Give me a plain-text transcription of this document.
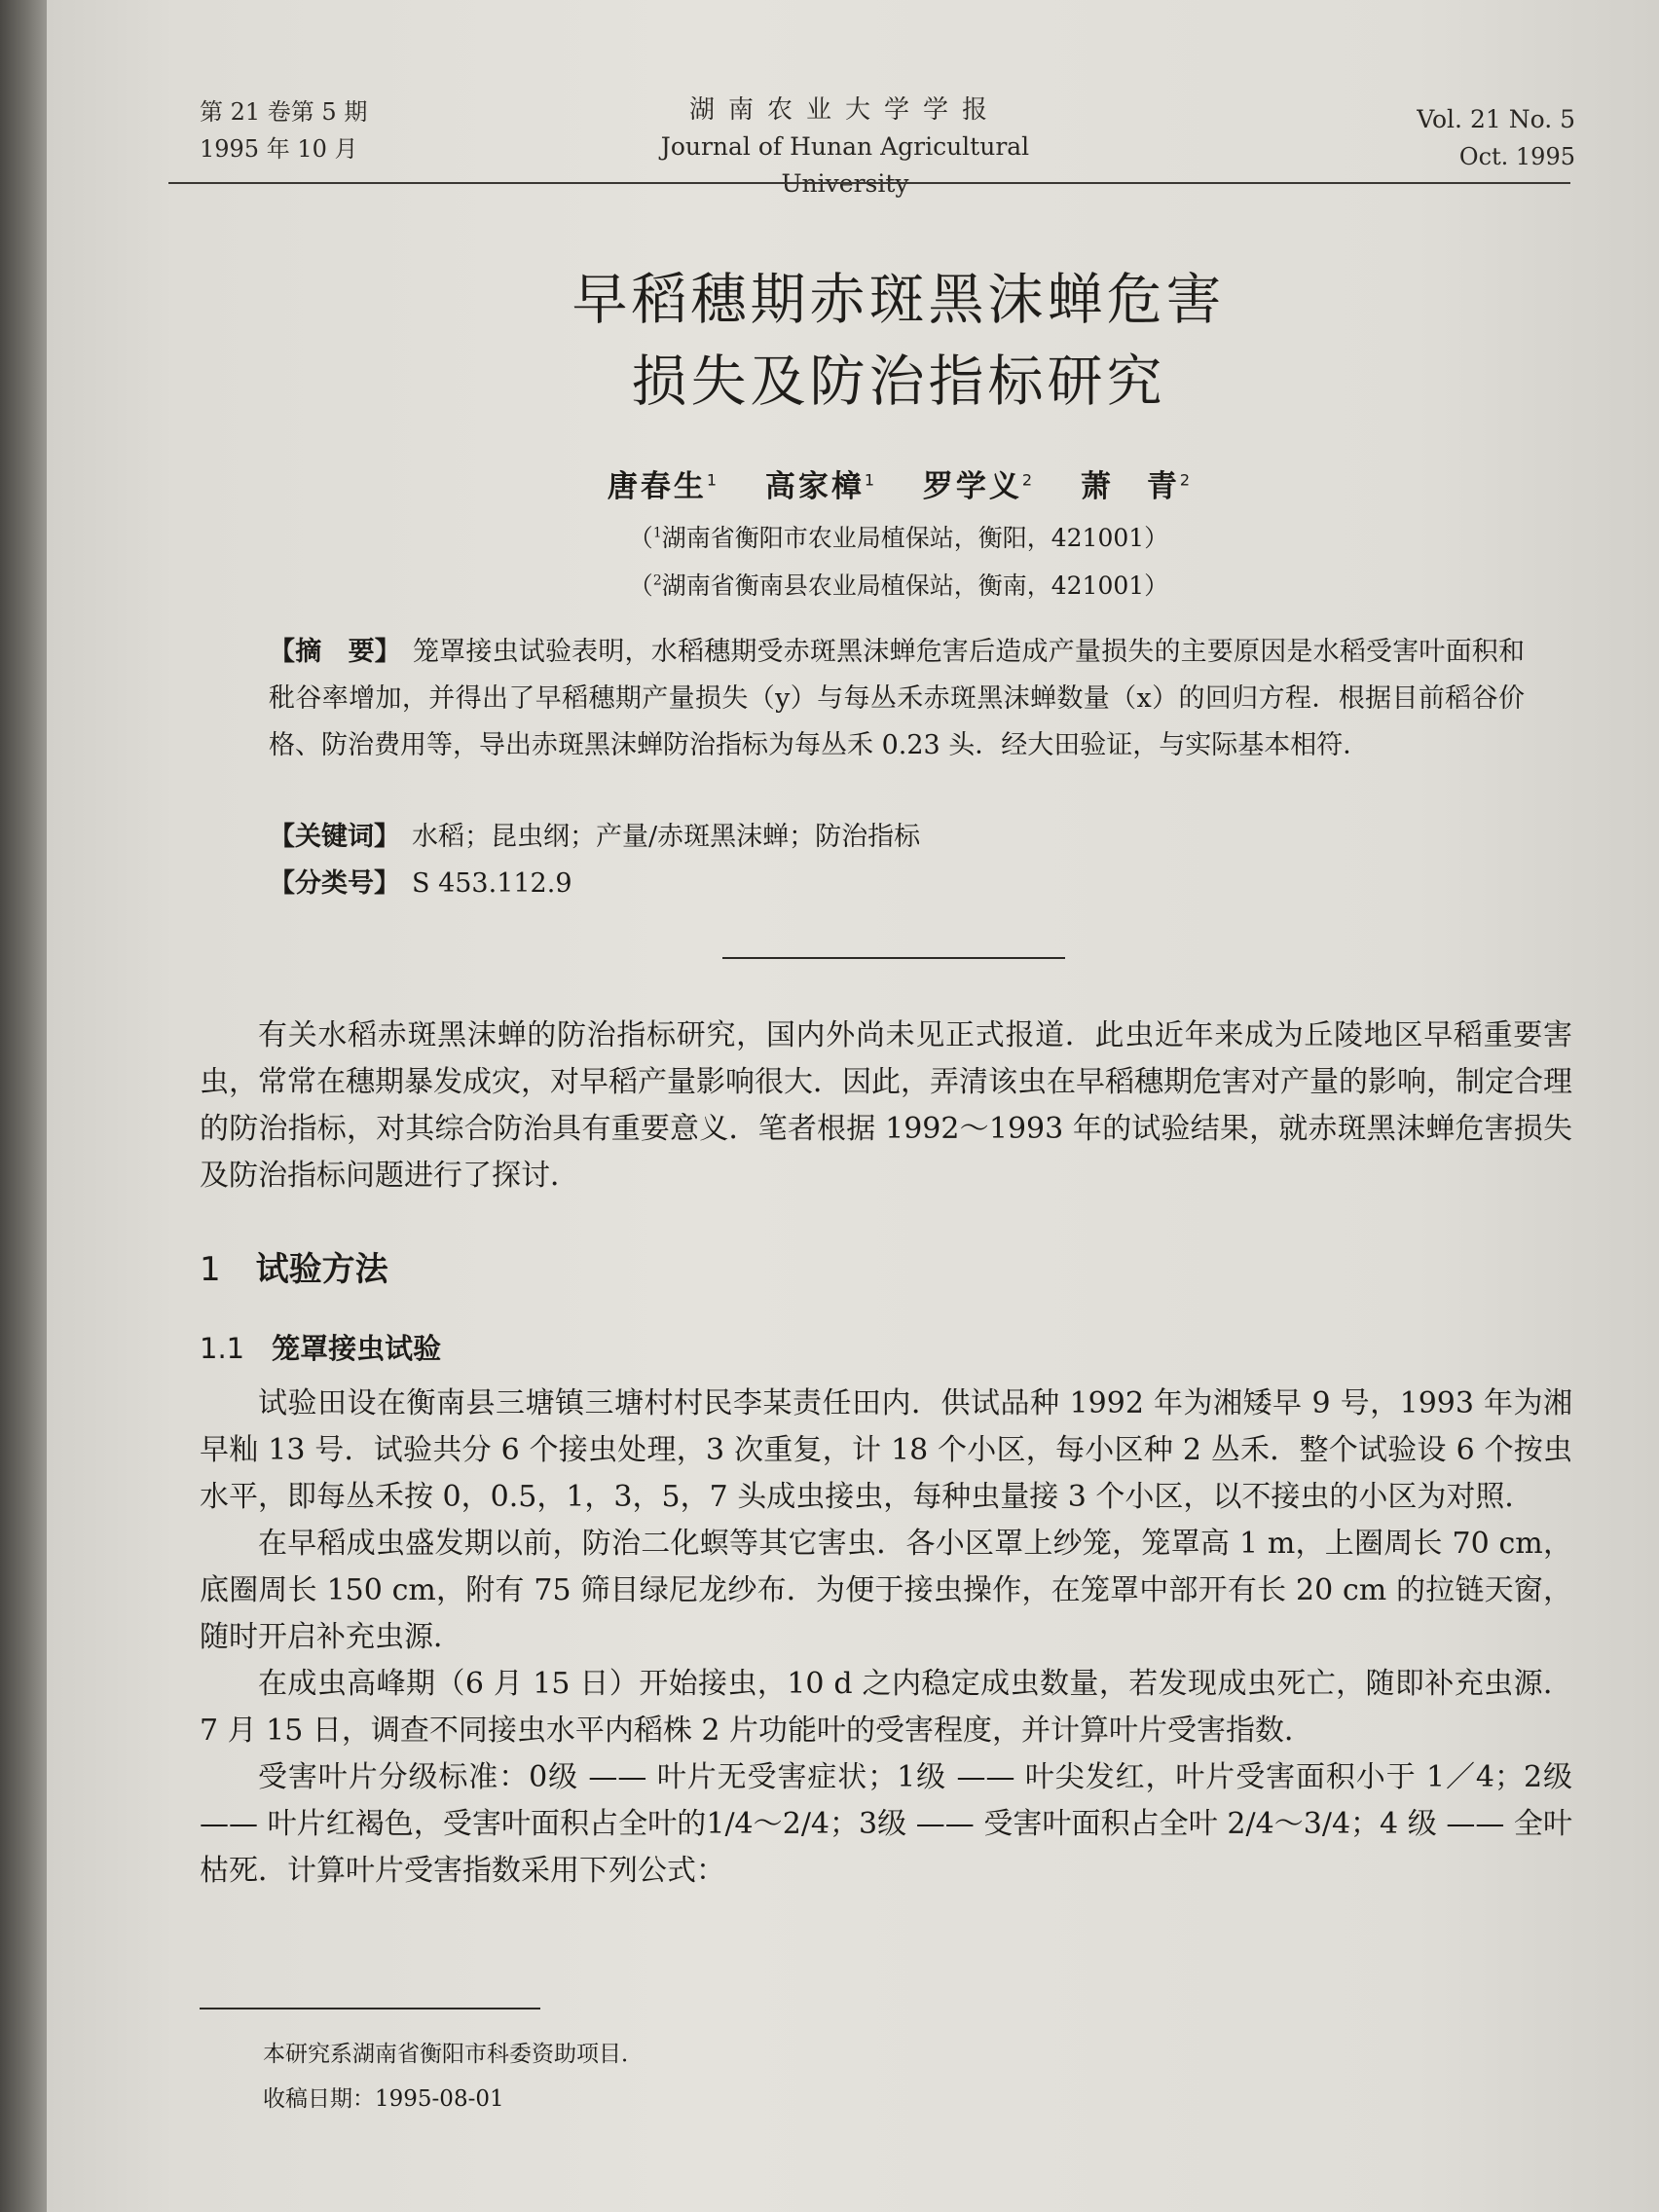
第 21 卷第 5 期
1995 年 10 月
湖南农业大学学报
Journal of Hunan Agricultural University
Vol. 21 No. 5
Oct. 1995
早稻穗期赤斑黑沫蝉危害
损失及防治指标研究
唐春生$^1$ 高家樟$^1$ 罗学义$^2$ 萧　青$^2$
（$^1$湖南省衡阳市农业局植保站，衡阳，421001）
（$^2$湖南省衡南县农业局植保站，衡南，421001）
【摘　要】 笼罩接虫试验表明，水稻穗期受赤斑黑沫蝉危害后造成产量损失的主要原因是水稻受害叶面积和秕谷率增加，并得出了早稻穗期产量损失（y）与每丛禾赤斑黑沫蝉数量（x）的回归方程．根据目前稻谷价格、防治费用等，导出赤斑黑沫蝉防治指标为每丛禾 0.23 头．经大田验证，与实际基本相符．
【关键词】 水稻；昆虫纲；产量/赤斑黑沫蝉；防治指标
【分类号】 S 453.112.9

有关水稻赤斑黑沫蝉的防治指标研究，国内外尚未见正式报道．此虫近年来成为丘陵地区早稻重要害虫，常常在穗期暴发成灾，对早稻产量影响很大．因此，弄清该虫在早稻穗期危害对产量的影响，制定合理的防治指标，对其综合防治具有重要意义．笔者根据 1992～1993 年的试验结果，就赤斑黑沫蝉危害损失及防治指标问题进行了探讨．

1 试验方法
1.1 笼罩接虫试验

试验田设在衡南县三塘镇三塘村村民李某责任田内．供试品种 1992 年为湘矮早 9 号，1993 年为湘早籼 13 号．试验共分 6 个接虫处理，3 次重复，计 18 个小区，每小区种 2 丛禾．整个试验设 6 个按虫水平，即每丛禾按 0，0.5，1，3，5，7 头成虫接虫，每种虫量接 3 个小区，以不接虫的小区为对照．

在早稻成虫盛发期以前，防治二化螟等其它害虫．各小区罩上纱笼，笼罩高 1 m，上圈周长 70 cm，底圈周长 150 cm，附有 75 筛目绿尼龙纱布．为便于接虫操作，在笼罩中部开有长 20 cm 的拉链天窗，随时开启补充虫源．

在成虫高峰期（6 月 15 日）开始接虫，10 d 之内稳定成虫数量，若发现成虫死亡，随即补充虫源．7 月 15 日，调查不同接虫水平内稻株 2 片功能叶的受害程度，并计算叶片受害指数．

受害叶片分级标准：0级 —— 叶片无受害症状；1级 —— 叶尖发红，叶片受害面积小于 1／4；2级 —— 叶片红褐色，受害叶面积占全叶的1/4～2/4；3级 —— 受害叶面积占全叶 2/4～3/4；4 级 —— 全叶枯死．计算叶片受害指数采用下列公式：

本研究系湖南省衡阳市科委资助项目．
收稿日期：1995-08-01
